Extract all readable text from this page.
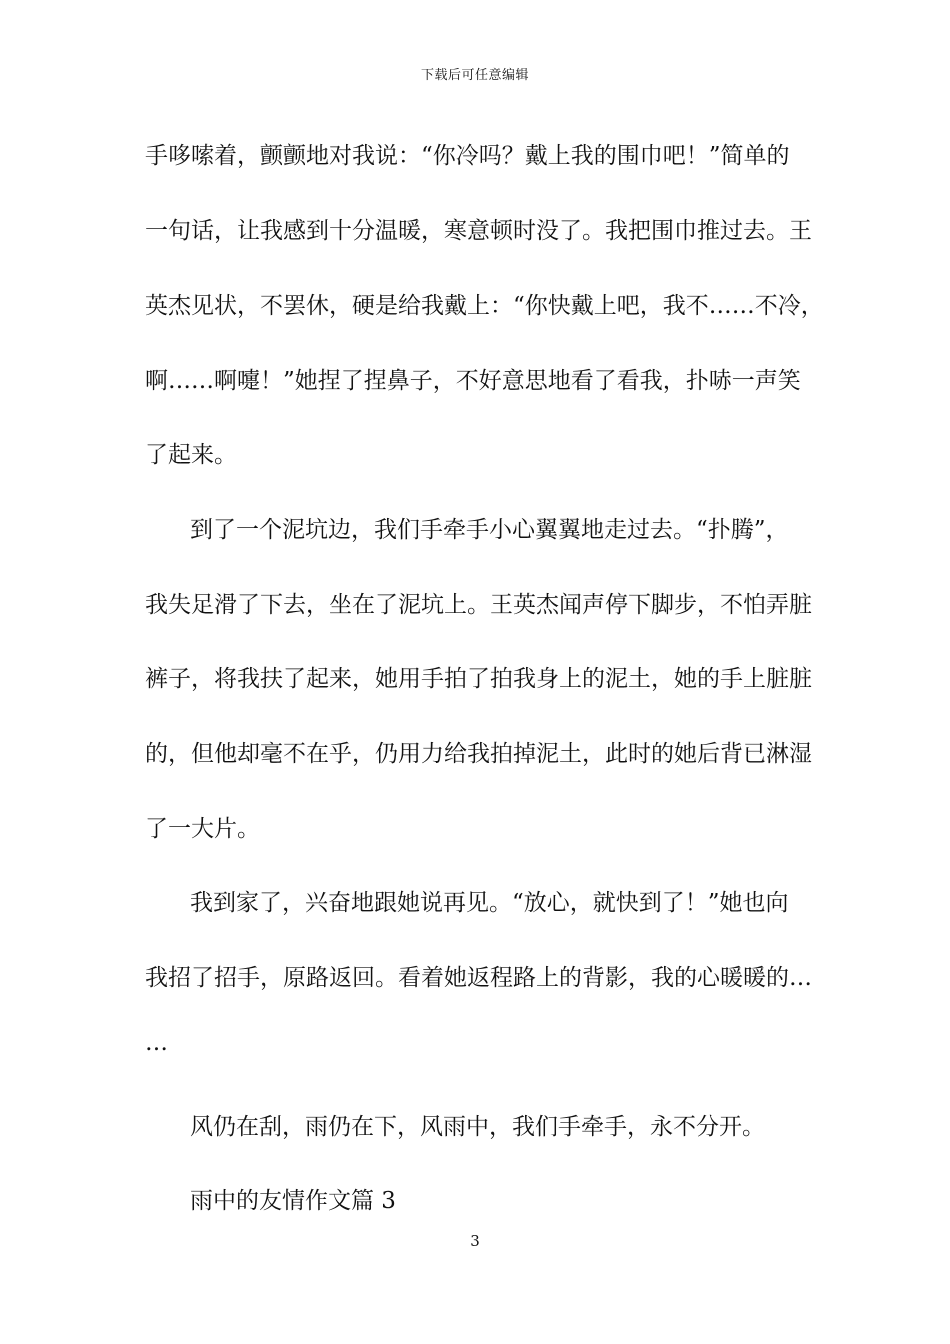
下载后可任意编辑
手哆嗦着，颤颤地对我说：“你冷吗？戴上我的围巾吧！”简单的
一句话，让我感到十分温暖，寒意顿时没了。我把围巾推过去。王
英杰见状，不罢休，硬是给我戴上：“你快戴上吧，我不……不冷，
啊……啊嚏！”她捏了捏鼻子，不好意思地看了看我，扑哧一声笑
了起来。
到了一个泥坑边，我们手牵手小心翼翼地走过去。“扑腾”，
我失足滑了下去，坐在了泥坑上。王英杰闻声停下脚步，不怕弄脏
裤子，将我扶了起来，她用手拍了拍我身上的泥土，她的手上脏脏
的，但他却毫不在乎，仍用力给我拍掉泥土，此时的她后背已淋湿
了一大片。
我到家了，兴奋地跟她说再见。“放心，就快到了！”她也向
我招了招手，原路返回。看着她返程路上的背影，我的心暖暖的…
…
风仍在刮，雨仍在下，风雨中，我们手牵手，永不分开。
雨中的友情作文篇 3
3
